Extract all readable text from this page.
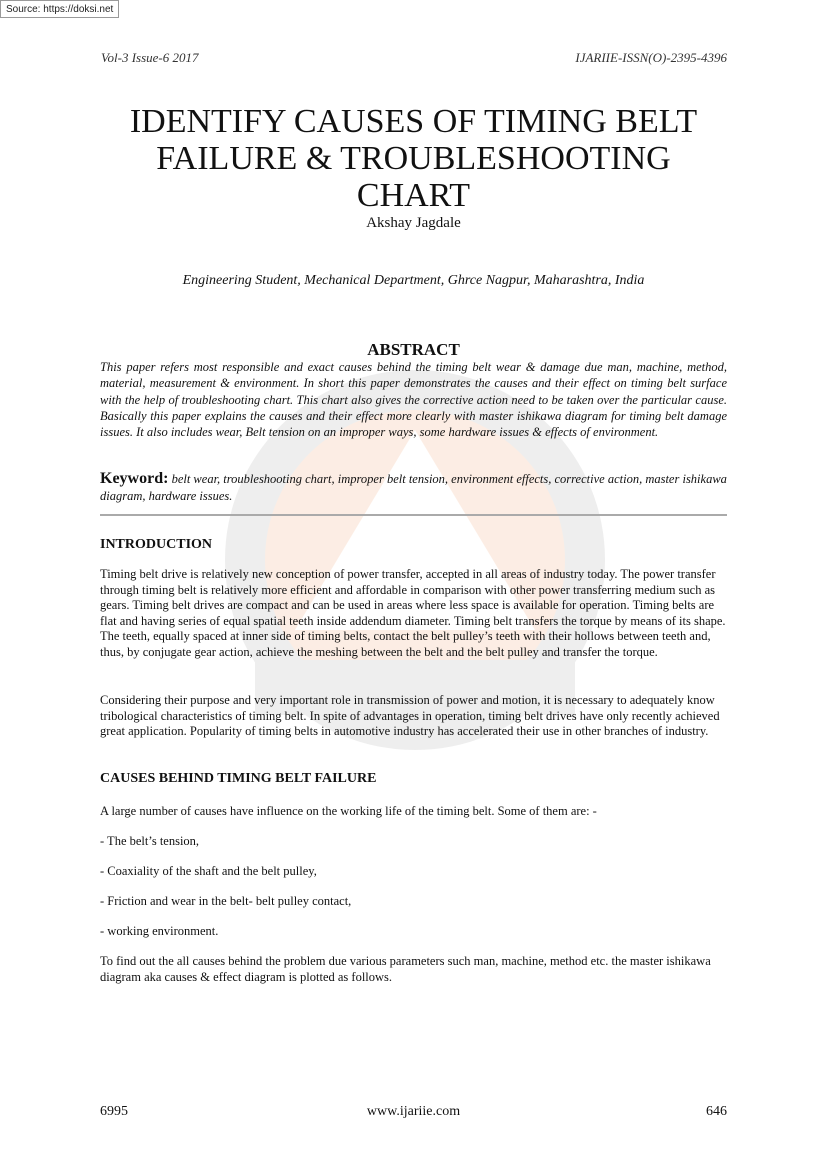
Source: https://doksi.net
Vol-3 Issue-6 2017	IJARIIE-ISSN(O)-2395-4396
IDENTIFY CAUSES OF TIMING BELT FAILURE & TROUBLESHOOTING CHART
Akshay Jagdale
Engineering Student, Mechanical Department, Ghrce Nagpur, Maharashtra, India
ABSTRACT

This paper refers most responsible and exact causes behind the timing belt wear & damage due man, machine, method, material, measurement & environment. In short this paper demonstrates the causes and their effect on timing belt surface with the help of troubleshooting chart. This chart also gives the corrective action need to be taken over the particular cause. Basically this paper explains the causes and their effect more clearly with master ishikawa diagram for timing belt damage issues. It also includes wear, Belt tension on an improper ways, some hardware issues & effects of environment.

Keyword: belt wear, troubleshooting chart, improper belt tension, environment effects, corrective action, master ishikawa diagram, hardware issues.

INTRODUCTION

Timing belt drive is relatively new conception of power transfer, accepted in all areas of industry today. The power transfer through timing belt is relatively more efficient and affordable in comparison with other power transferring medium such as gears. Timing belt drives are compact and can be used in areas where less space is available for operation. Timing belts are flat and having series of equal spatial teeth inside addendum diameter. Timing belt transfers the torque by means of its shape. The teeth, equally spaced at inner side of timing belts, contact the belt pulley’s teeth with their hollows between teeth and, thus, by conjugate gear action, achieve the meshing between the belt and the belt pulley and transfer the torque.

Considering their purpose and very important role in transmission of power and motion, it is necessary to adequately know tribological characteristics of timing belt. In spite of advantages in operation, timing belt drives have only recently achieved great application. Popularity of timing belts in automotive industry has accelerated their use in other branches of industry.

CAUSES BEHIND TIMING BELT FAILURE

A large number of causes have influence on the working life of the timing belt. Some of them are: -

- The belt’s tension,

- Coaxiality of the shaft and the belt pulley,

- Friction and wear in the belt- belt pulley contact,

- working environment.

To find out the all causes behind the problem due various parameters such man, machine, method etc. the master ishikawa diagram aka causes & effect diagram is plotted as follows.

6995	www.ijariie.com	646
